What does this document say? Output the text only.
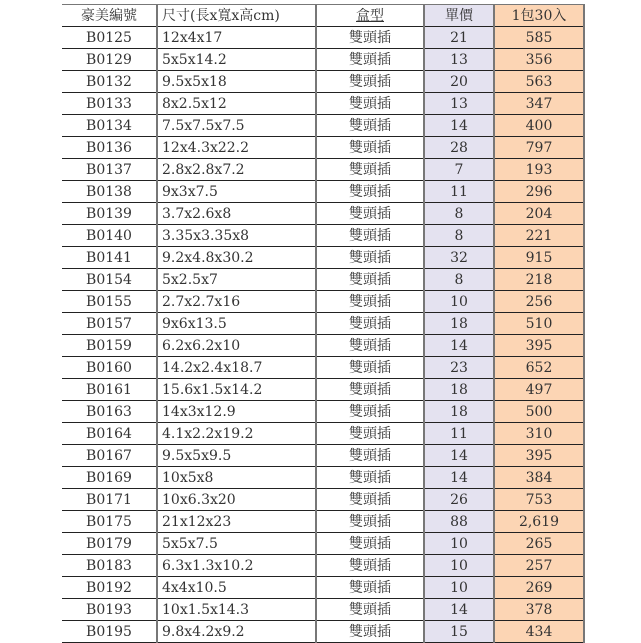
豪美編號	尺寸(長x寬x高cm)	盒型	單價	1包30入
B0125	12x4x17	雙頭插	21	585
B0129	5x5x14.2	雙頭插	13	356
B0132	9.5x5x18	雙頭插	20	563
B0133	8x2.5x12	雙頭插	13	347
B0134	7.5x7.5x7.5	雙頭插	14	400
B0136	12x4.3x22.2	雙頭插	28	797
B0137	2.8x2.8x7.2	雙頭插	7	193
B0138	9x3x7.5	雙頭插	11	296
B0139	3.7x2.6x8	雙頭插	8	204
B0140	3.35x3.35x8	雙頭插	8	221
B0141	9.2x4.8x30.2	雙頭插	32	915
B0154	5x2.5x7	雙頭插	8	218
B0155	2.7x2.7x16	雙頭插	10	256
B0157	9x6x13.5	雙頭插	18	510
B0159	6.2x6.2x10	雙頭插	14	395
B0160	14.2x2.4x18.7	雙頭插	23	652
B0161	15.6x1.5x14.2	雙頭插	18	497
B0163	14x3x12.9	雙頭插	18	500
B0164	4.1x2.2x19.2	雙頭插	11	310
B0167	9.5x5x9.5	雙頭插	14	395
B0169	10x5x8	雙頭插	14	384
B0171	10x6.3x20	雙頭插	26	753
B0175	21x12x23	雙頭插	88	2,619
B0179	5x5x7.5	雙頭插	10	265
B0183	6.3x1.3x10.2	雙頭插	10	257
B0192	4x4x10.5	雙頭插	10	269
B0193	10x1.5x14.3	雙頭插	14	378
B0195	9.8x4.2x9.2	雙頭插	15	434
